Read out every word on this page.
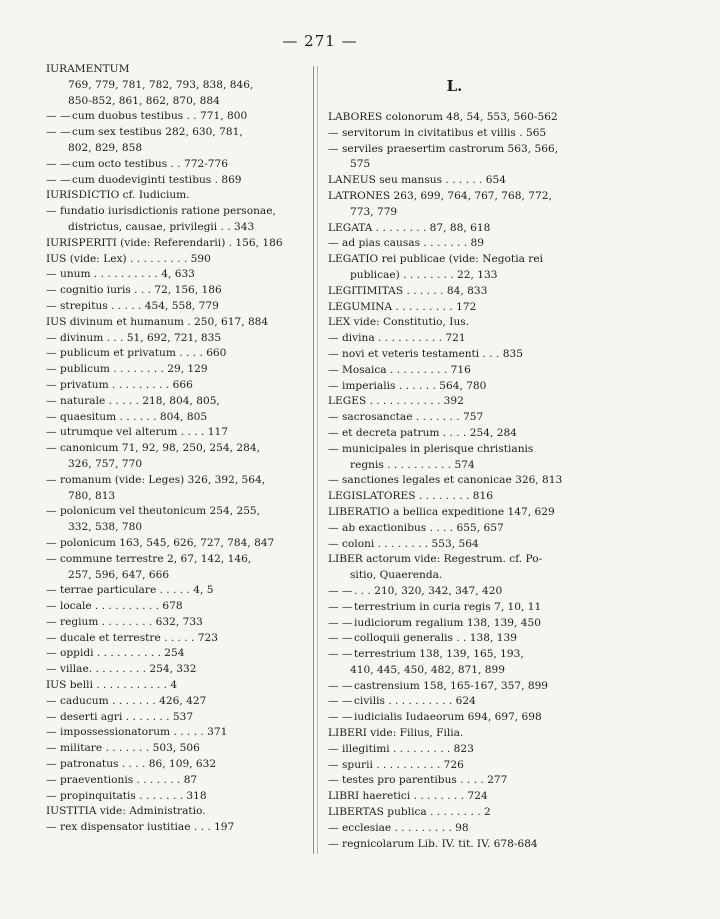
— 271 —
IURAMENTUM
769, 779, 781, 782, 793, 838, 846,
850-852, 861, 862, 870, 884
— —cum duobus testibus . . 771, 800
— —cum sex testibus 282, 630, 781,
802, 829, 858
— —cum octo testibus . . 772-776
— —cum duodeviginti testibus . 869
IURISDICTIO cf. Iudicium.
— fundatio iurisdictionis ratione personae,
districtus, causae, privilegii . . 343
IURISPERITI (vide: Referendarii) . 156, 186
IUS (vide: Lex) . . . . . . . . . 590
— unum . . . . . . . . . . 4, 633
— cognitio iuris . . . 72, 156, 186
— strepitus . . . . . 454, 558, 779
IUS divinum et humanum . 250, 617, 884
— divinum . . . 51, 692, 721, 835
— publicum et privatum . . . . 660
— publicum . . . . . . . . 29, 129
— privatum . . . . . . . . . 666
— naturale . . . . . 218, 804, 805,
— quaesitum . . . . . . 804, 805
— utrumque vel alterum . . . . 117
— canonicum 71, 92, 98, 250, 254, 284,
326, 757, 770
— romanum (vide: Leges) 326, 392, 564,
780, 813
— polonicum vel theutonicum 254, 255,
332, 538, 780
— polonicum 163, 545, 626, 727, 784, 847
— commune terrestre 2, 67, 142, 146,
257, 596, 647, 666
— terrae particulare . . . . . 4, 5
— locale . . . . . . . . . . 678
— regium . . . . . . . . 632, 733
— ducale et terrestre . . . . . 723
— oppidi . . . . . . . . . . 254
— villae. . . . . . . . . 254, 332
IUS belli . . . . . . . . . . . 4
— caducum . . . . . . . 426, 427
— deserti agri . . . . . . . 537
— impossessionatorum . . . . . 371
— militare . . . . . . . 503, 506
— patronatus . . . . 86, 109, 632
— praeventionis . . . . . . . 87
— propinquitatis . . . . . . . 318
IUSTITIA vide: Administratio.
— rex dispensator iustitiae . . . 197
L.
LABORES colonorum 48, 54, 553, 560-562
— servitorum in civitatibus et villis . 565
— serviles praesertim castrorum 563, 566,
575
LANEUS seu mansus . . . . . . 654
LATRONES 263, 699, 764, 767, 768, 772,
773, 779
LEGATA . . . . . . . . 87, 88, 618
— ad pias causas . . . . . . . 89
LEGATIO rei publicae (vide: Negotia rei
publicae) . . . . . . . . 22, 133
LEGITIMITAS . . . . . . 84, 833
LEGUMINA . . . . . . . . . 172
LEX vide: Constitutio, Ius.
— divina . . . . . . . . . . 721
— novi et veteris testamenti . . . 835
— Mosaica . . . . . . . . . 716
— imperialis . . . . . . 564, 780
LEGES . . . . . . . . . . . 392
— sacrosanctae . . . . . . . 757
— et decreta patrum . . . . 254, 284
— municipales in plerisque christianis
regnis . . . . . . . . . . 574
— sanctiones legales et canonicae 326, 813
LEGISLATORES . . . . . . . . 816
LIBERATIO a bellica expeditione 147, 629
— ab exactionibus . . . . 655, 657
— coloni . . . . . . . . 553, 564
LIBER actorum vide: Regestrum. cf. Po-
sitio, Quaerenda.
— —. . . 210, 320, 342, 347, 420
— —terrestrium in curia regis 7, 10, 11
— —iudiciorum regalium 138, 139, 450
— —colloquii generalis . . 138, 139
— —terrestrium 138, 139, 165, 193,
410, 445, 450, 482, 871, 899
— —castrensium 158, 165-167, 357, 899
— —civilis . . . . . . . . . . 624
— —iudicialis Iudaeorum 694, 697, 698
LIBERI vide: Filius, Filia.
— illegitimi . . . . . . . . . 823
— spurii . . . . . . . . . . 726
— testes pro parentibus . . . . 277
LIBRI haeretici . . . . . . . . 724
LIBERTAS publica . . . . . . . . 2
— ecclesiae . . . . . . . . . 98
— regnicolarum Lib. IV. tit. IV. 678-684
